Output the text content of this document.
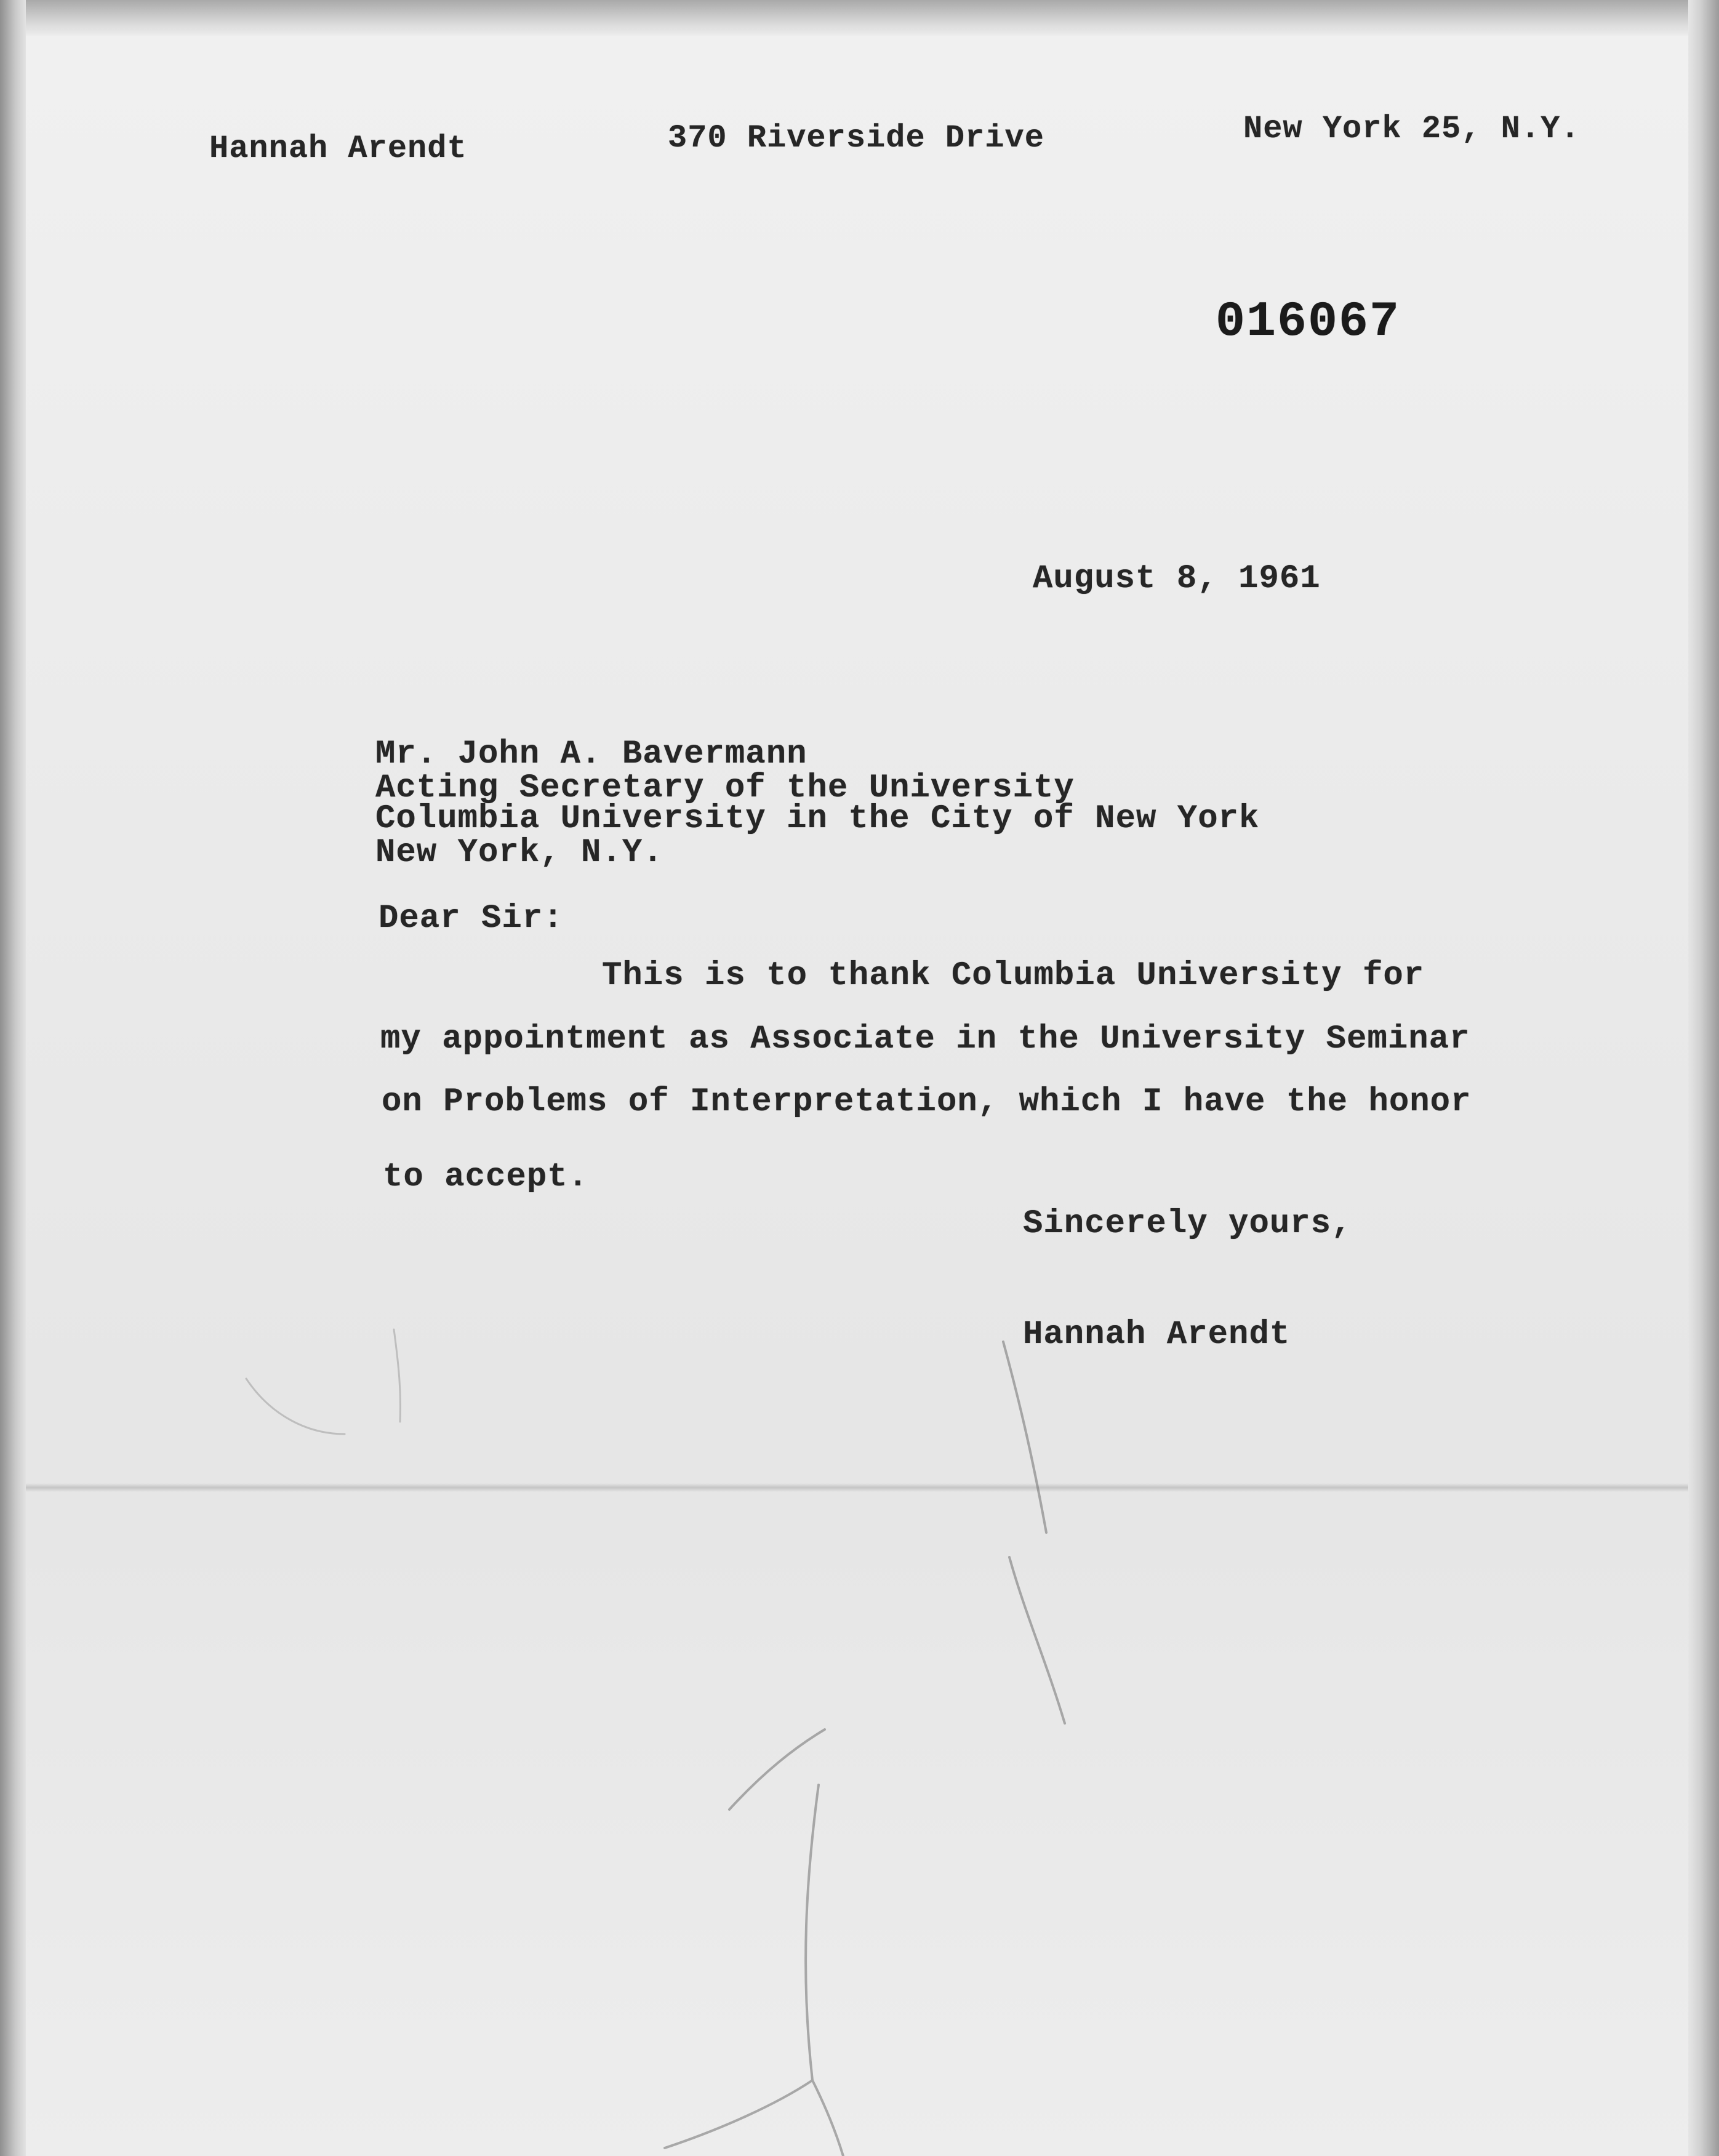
Hannah Arendt	370 Riverside Drive	New York 25, N.Y.
016067
August 8, 1961
Mr. John A. Bavermann
Acting Secretary of the University
Columbia University in the City of New York
New York, N.Y.
Dear Sir:
This is to thank Columbia University for
my appointment as Associate in the University Seminar
on Problems of Interpretation, which I have the honor
to accept.
Sincerely yours,
Hannah Arendt
